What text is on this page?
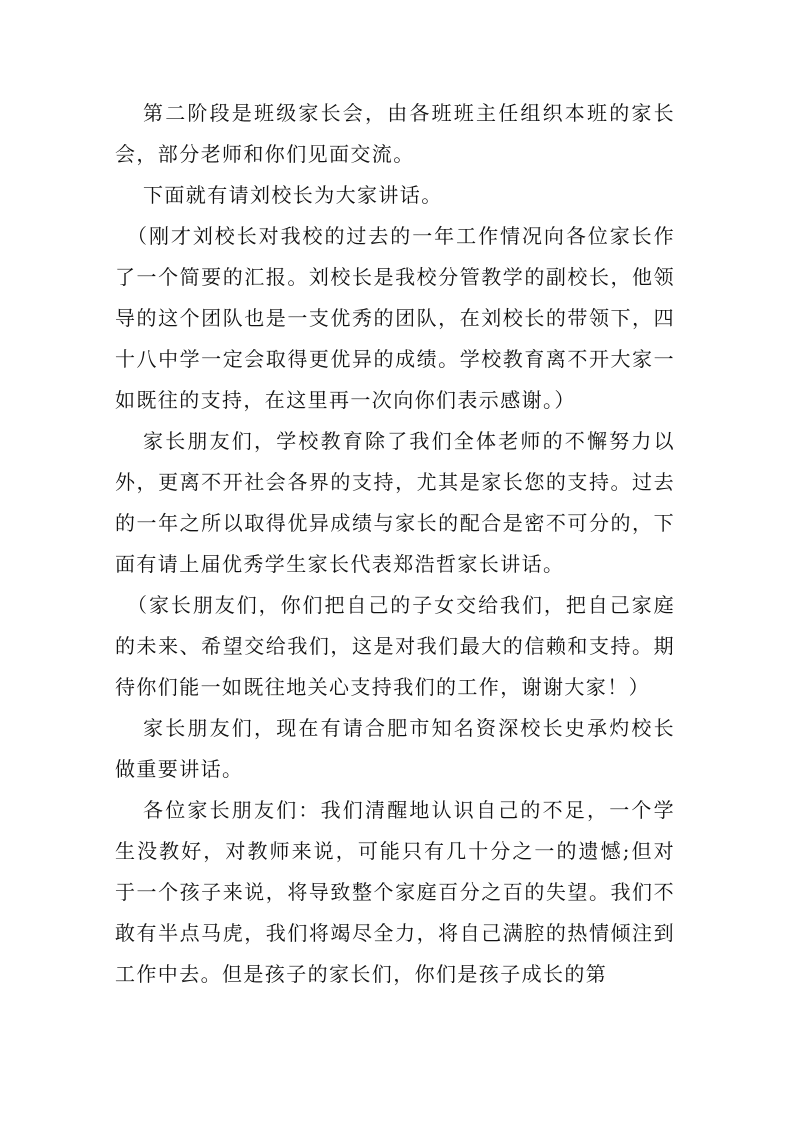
第二阶段是班级家长会，由各班班主任组织本班的家长会，部分老师和你们见面交流。

下面就有请刘校长为大家讲话。

（刚才刘校长对我校的过去的一年工作情况向各位家长作了一个简要的汇报。刘校长是我校分管教学的副校长，他领导的这个团队也是一支优秀的团队，在刘校长的带领下，四十八中学一定会取得更优异的成绩。学校教育离不开大家一如既往的支持，在这里再一次向你们表示感谢。）

家长朋友们，学校教育除了我们全体老师的不懈努力以外，更离不开社会各界的支持，尤其是家长您的支持。过去的一年之所以取得优异成绩与家长的配合是密不可分的，下面有请上届优秀学生家长代表郑浩哲家长讲话。

（家长朋友们，你们把自己的子女交给我们，把自己家庭的未来、希望交给我们，这是对我们最大的信赖和支持。期待你们能一如既往地关心支持我们的工作，谢谢大家！）

家长朋友们，现在有请合肥市知名资深校长史承灼校长做重要讲话。

各位家长朋友们：我们清醒地认识自己的不足，一个学生没教好，对教师来说，可能只有几十分之一的遗憾;但对于一个孩子来说，将导致整个家庭百分之百的失望。我们不敢有半点马虎，我们将竭尽全力，将自己满腔的热情倾注到工作中去。但是孩子的家长们，你们是孩子成长的第
